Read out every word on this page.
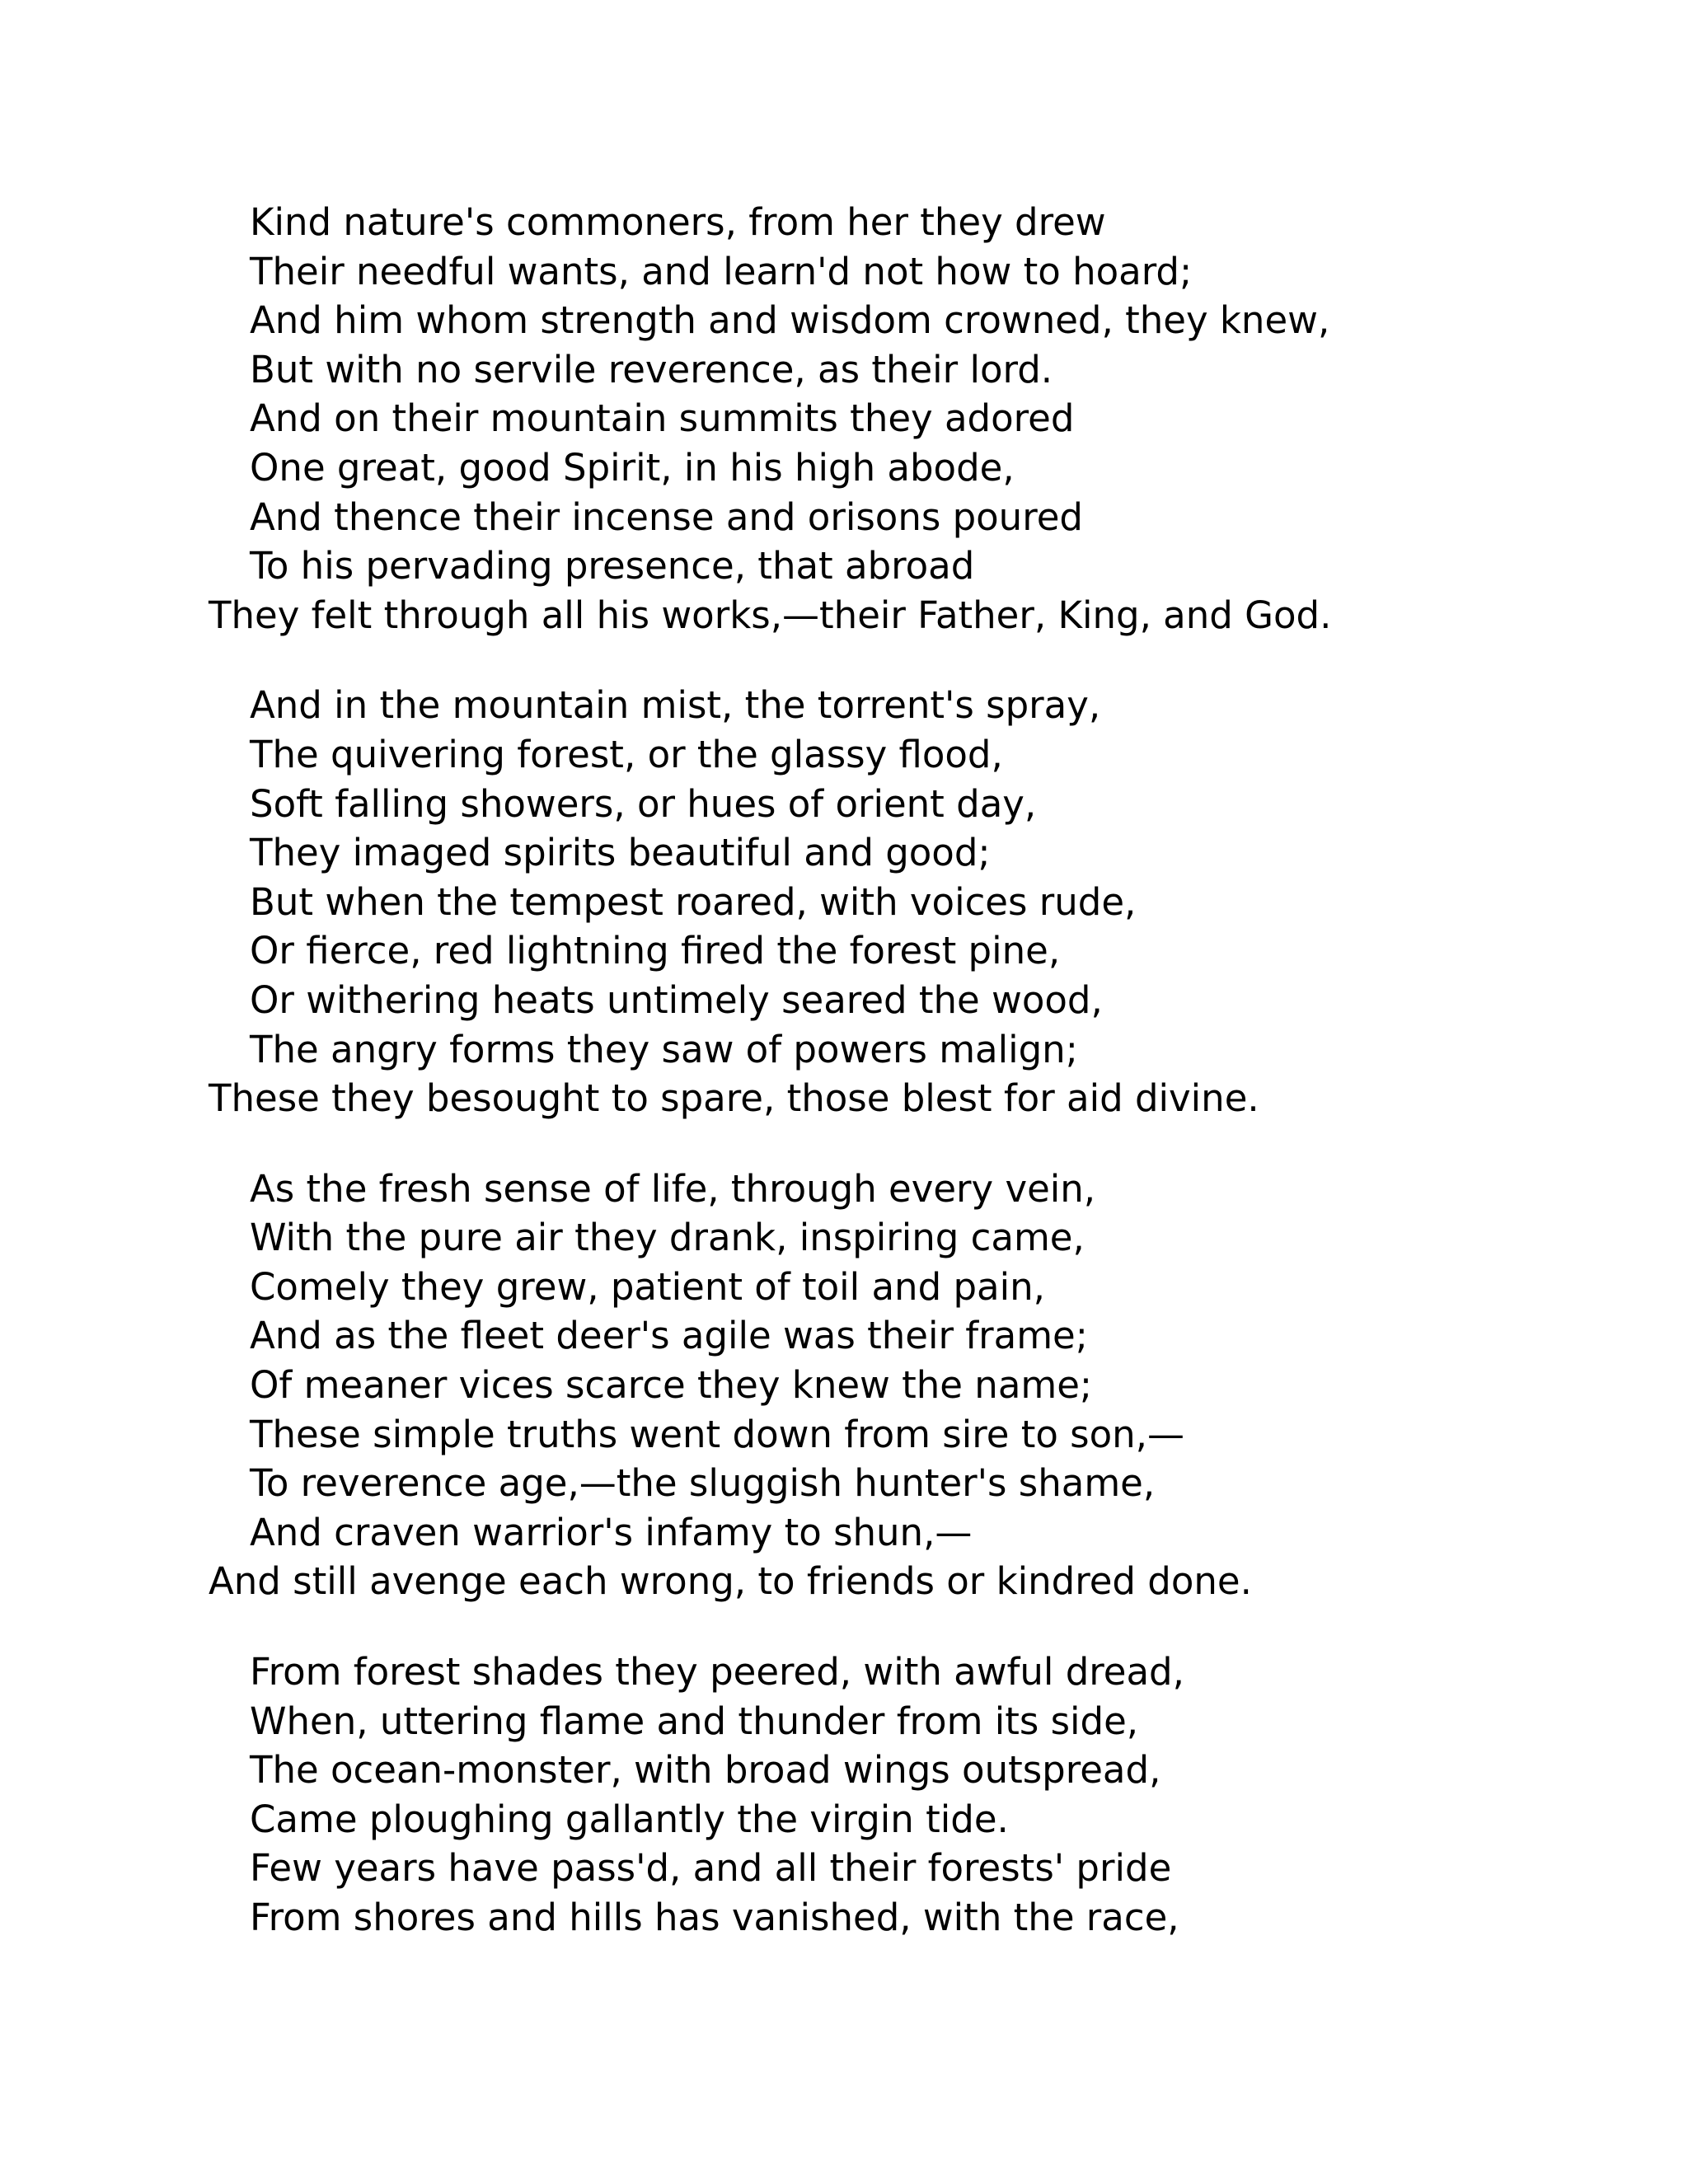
Kind nature's commoners, from her they drew
Their needful wants, and learn'd not how to hoard;
And him whom strength and wisdom crowned, they knew,
But with no servile reverence, as their lord.
And on their mountain summits they adored
One great, good Spirit, in his high abode,
And thence their incense and orisons poured
To his pervading presence, that abroad
They felt through all his works,—their Father, King, and God.
And in the mountain mist, the torrent's spray,
The quivering forest, or the glassy flood,
Soft falling showers, or hues of orient day,
They imaged spirits beautiful and good;
But when the tempest roared, with voices rude,
Or fierce, red lightning fired the forest pine,
Or withering heats untimely seared the wood,
The angry forms they saw of powers malign;
These they besought to spare, those blest for aid divine.
As the fresh sense of life, through every vein,
With the pure air they drank, inspiring came,
Comely they grew, patient of toil and pain,
And as the fleet deer's agile was their frame;
Of meaner vices scarce they knew the name;
These simple truths went down from sire to son,—
To reverence age,—the sluggish hunter's shame,
And craven warrior's infamy to shun,—
And still avenge each wrong, to friends or kindred done.
From forest shades they peered, with awful dread,
When, uttering flame and thunder from its side,
The ocean-monster, with broad wings outspread,
Came ploughing gallantly the virgin tide.
Few years have pass'd, and all their forests' pride
From shores and hills has vanished, with the race,
